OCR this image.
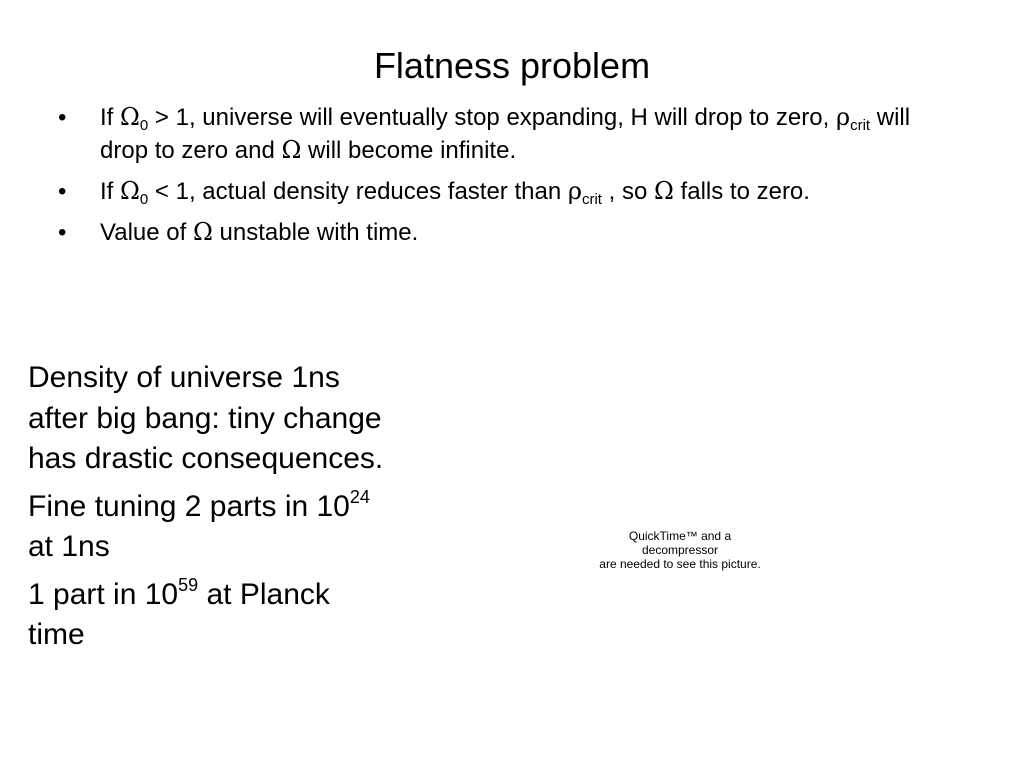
Flatness problem
• If $\Omega_0 > 1$, universe will eventually stop expanding, H will drop to zero, $\rho_{crit}$ will drop to zero and Ω will become infinite.
• If $\Omega_0 < 1$, actual density reduces faster than $\rho_{crit}$ , so Ω falls to zero.
• Value of Ω unstable with time.

Density of universe 1ns after big bang: tiny change has drastic consequences.

Fine tuning 2 parts in $10^{24}$ at 1ns

1 part in $10^{59}$ at Planck time

QuickTime™ and a
decompressor
are needed to see this picture.
